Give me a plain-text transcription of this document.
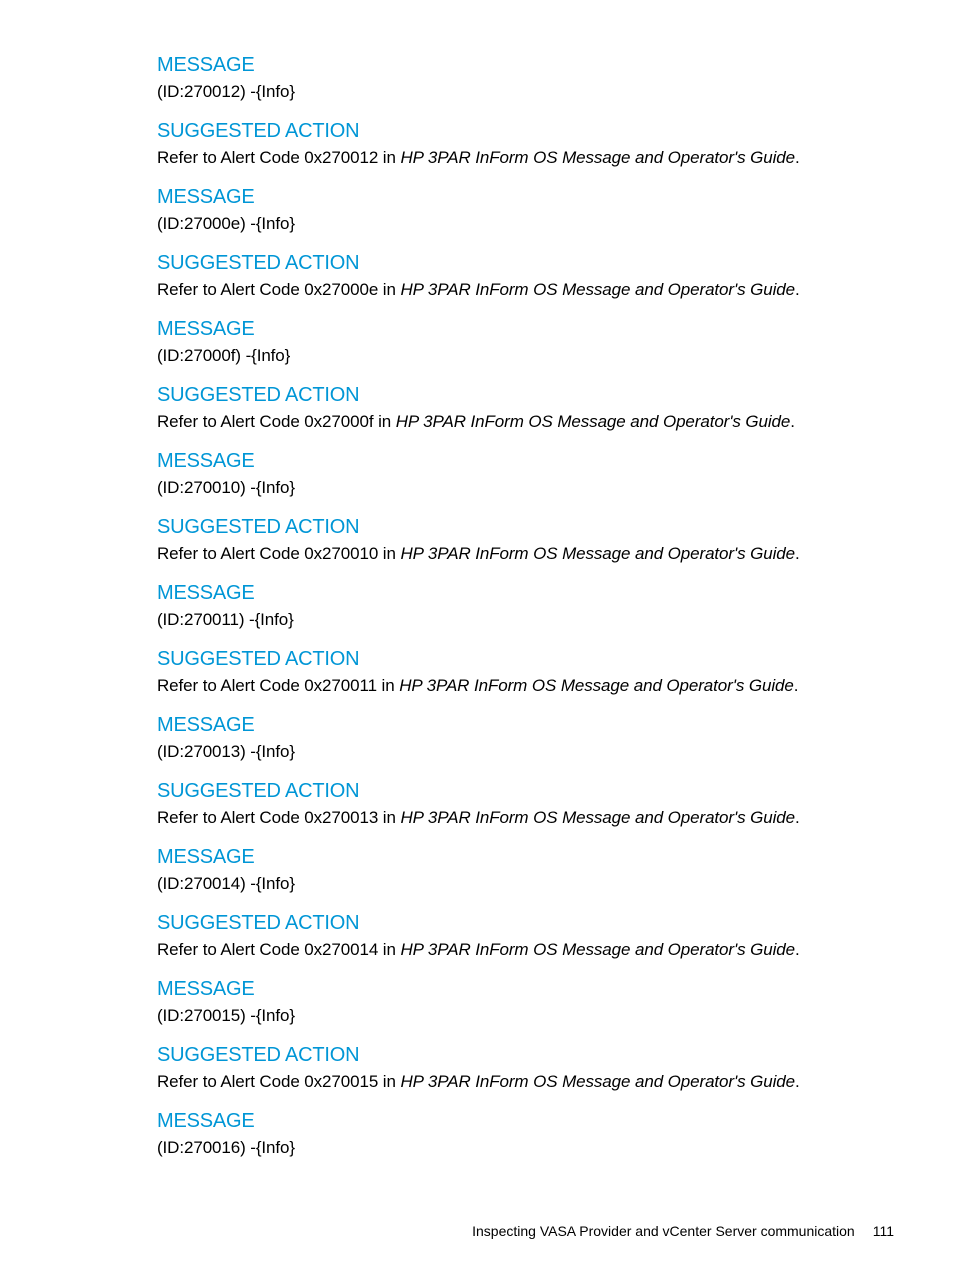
MESSAGE
(ID:270012) -{Info}
SUGGESTED ACTION
Refer to Alert Code 0x270012 in HP 3PAR InForm OS Message and Operator's Guide.
MESSAGE
(ID:27000e) -{Info}
SUGGESTED ACTION
Refer to Alert Code 0x27000e in HP 3PAR InForm OS Message and Operator's Guide.
MESSAGE
(ID:27000f) -{Info}
SUGGESTED ACTION
Refer to Alert Code 0x27000f in HP 3PAR InForm OS Message and Operator's Guide.
MESSAGE
(ID:270010) -{Info}
SUGGESTED ACTION
Refer to Alert Code 0x270010 in HP 3PAR InForm OS Message and Operator's Guide.
MESSAGE
(ID:270011) -{Info}
SUGGESTED ACTION
Refer to Alert Code 0x270011 in HP 3PAR InForm OS Message and Operator's Guide.
MESSAGE
(ID:270013) -{Info}
SUGGESTED ACTION
Refer to Alert Code 0x270013 in HP 3PAR InForm OS Message and Operator's Guide.
MESSAGE
(ID:270014) -{Info}
SUGGESTED ACTION
Refer to Alert Code 0x270014 in HP 3PAR InForm OS Message and Operator's Guide.
MESSAGE
(ID:270015) -{Info}
SUGGESTED ACTION
Refer to Alert Code 0x270015 in HP 3PAR InForm OS Message and Operator's Guide.
MESSAGE
(ID:270016) -{Info}
Inspecting VASA Provider and vCenter Server communication 111
